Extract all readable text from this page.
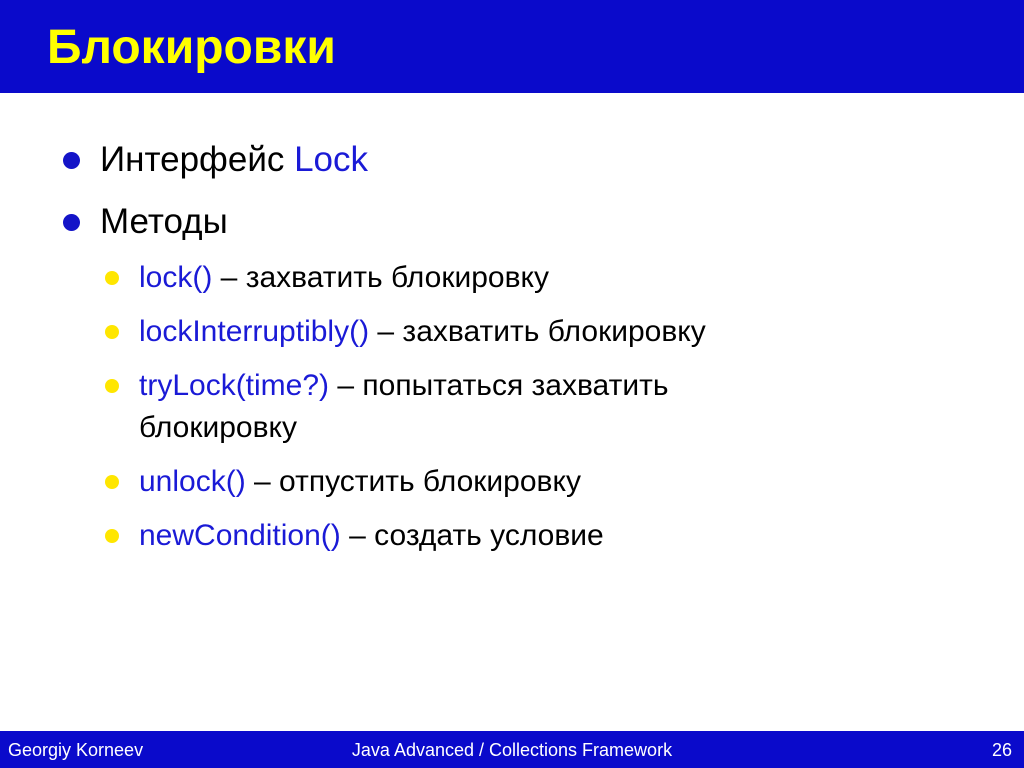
Блокировки
Интерфейс Lock
Методы
lock() – захватить блокировку
lockInterruptibly() – захватить блокировку
tryLock(time?) – попытаться захватить
блокировку
unlock() – отпустить блокировку
newCondition() – создать условие
Georgiy Korneev	Java Advanced / Collections Framework	26
